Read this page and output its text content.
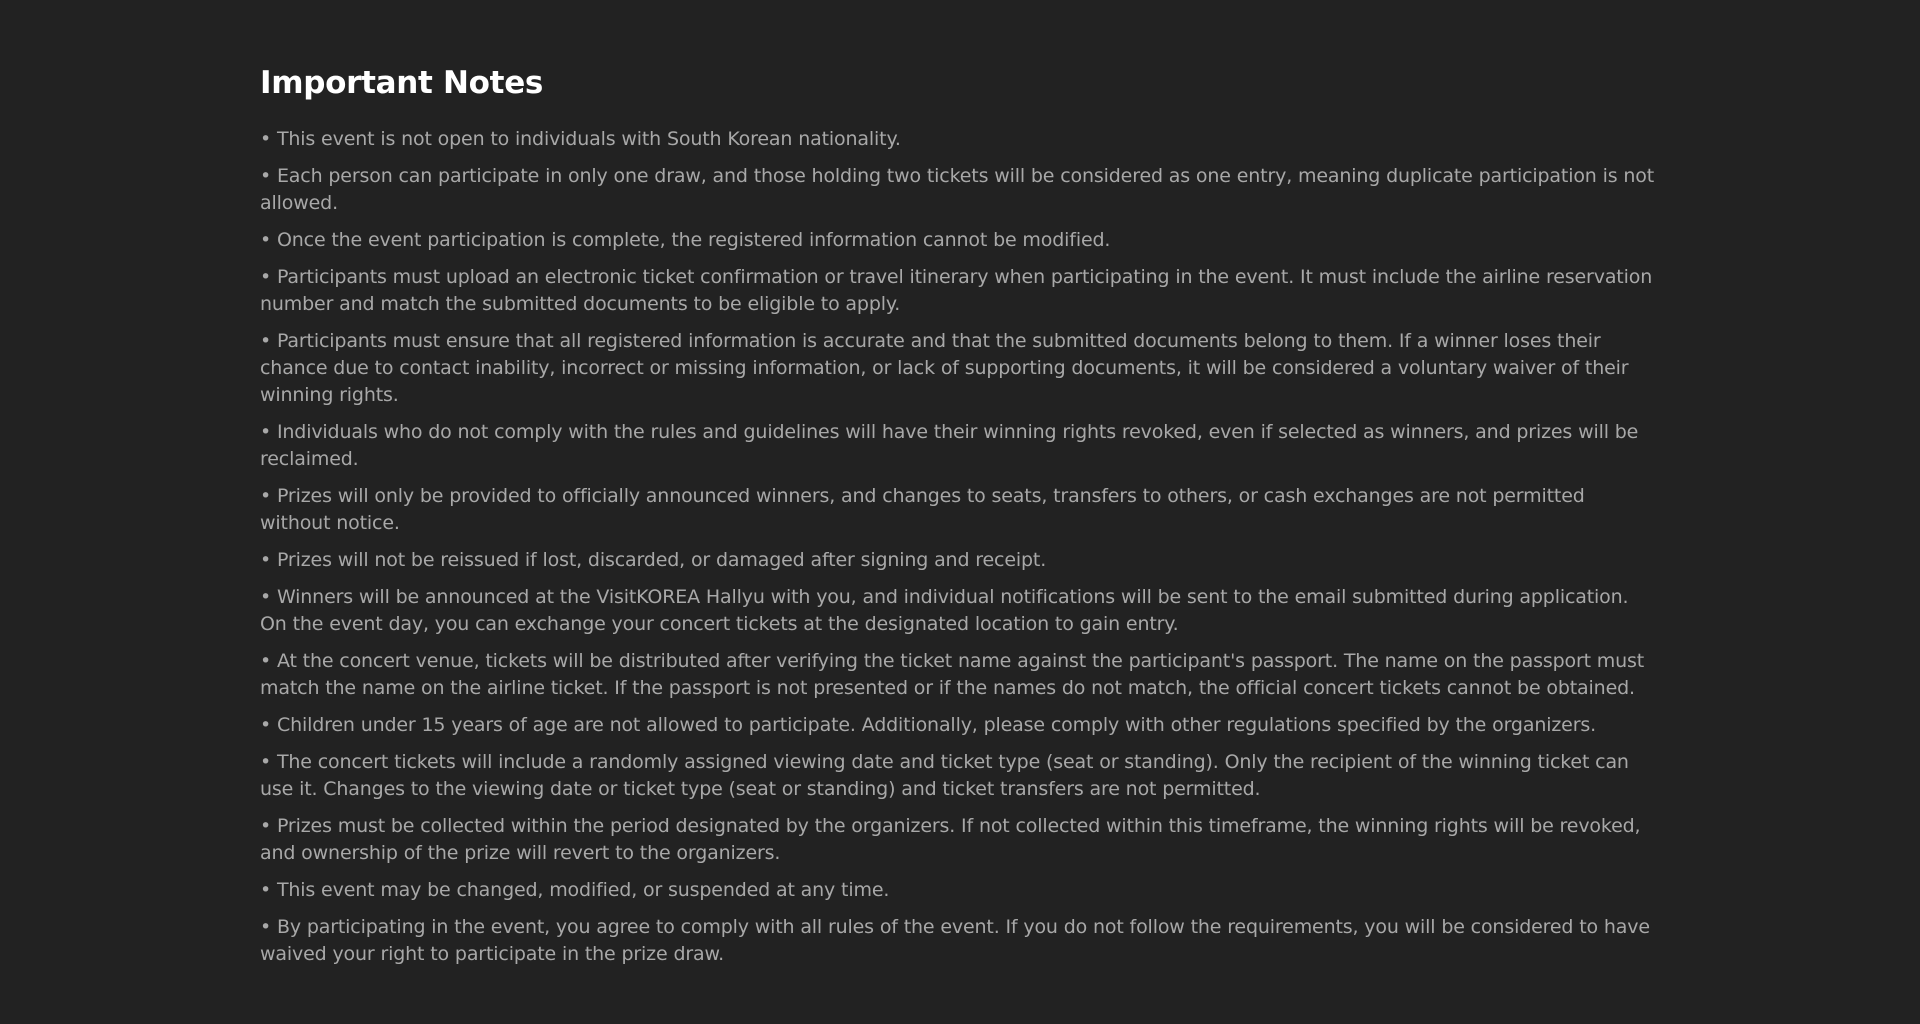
Important Notes
• This event is not open to individuals with South Korean nationality.
• Each person can participate in only one draw, and those holding two tickets will be considered as one entry, meaning duplicate participation is not allowed.
• Once the event participation is complete, the registered information cannot be modified.
• Participants must upload an electronic ticket confirmation or travel itinerary when participating in the event. It must include the airline reservation number and match the submitted documents to be eligible to apply.
• Participants must ensure that all registered information is accurate and that the submitted documents belong to them. If a winner loses their chance due to contact inability, incorrect or missing information, or lack of supporting documents, it will be considered a voluntary waiver of their winning rights.
• Individuals who do not comply with the rules and guidelines will have their winning rights revoked, even if selected as winners, and prizes will be reclaimed.
• Prizes will only be provided to officially announced winners, and changes to seats, transfers to others, or cash exchanges are not permitted without notice.
• Prizes will not be reissued if lost, discarded, or damaged after signing and receipt.
• Winners will be announced at the VisitKOREA Hallyu with you, and individual notifications will be sent to the email submitted during application. On the event day, you can exchange your concert tickets at the designated location to gain entry.
• At the concert venue, tickets will be distributed after verifying the ticket name against the participant's passport. The name on the passport must match the name on the airline ticket. If the passport is not presented or if the names do not match, the official concert tickets cannot be obtained.
• Children under 15 years of age are not allowed to participate. Additionally, please comply with other regulations specified by the organizers.
• The concert tickets will include a randomly assigned viewing date and ticket type (seat or standing). Only the recipient of the winning ticket can use it. Changes to the viewing date or ticket type (seat or standing) and ticket transfers are not permitted.
• Prizes must be collected within the period designated by the organizers. If not collected within this timeframe, the winning rights will be revoked, and ownership of the prize will revert to the organizers.
• This event may be changed, modified, or suspended at any time.
• By participating in the event, you agree to comply with all rules of the event. If you do not follow the requirements, you will be considered to have waived your right to participate in the prize draw.
